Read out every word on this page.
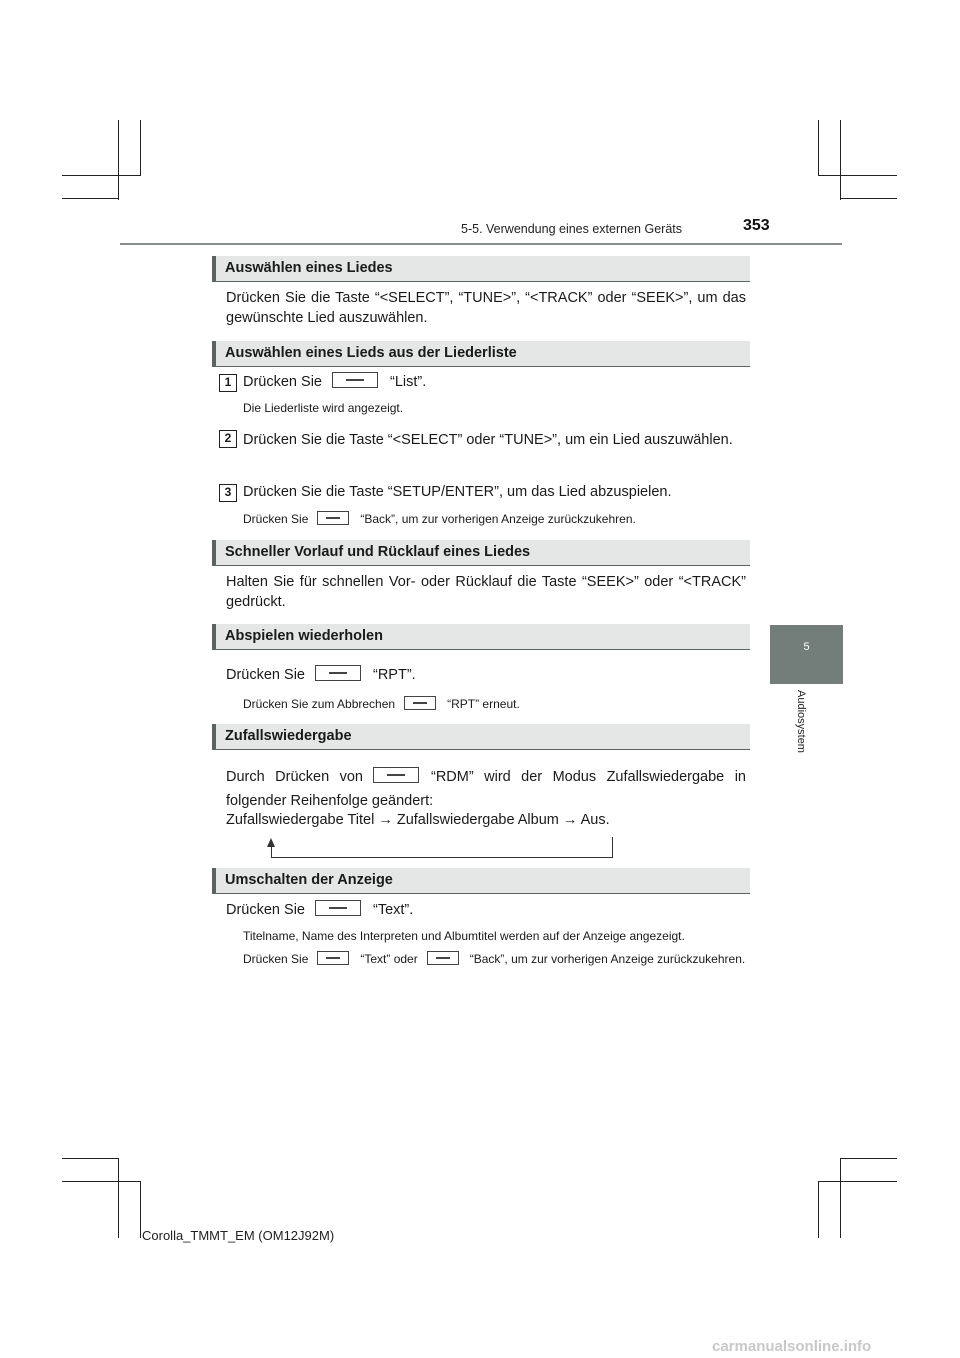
5-5. Verwendung eines externen Geräts	353
5
Audiosystem
Auswählen eines Liedes
Drücken Sie die Taste “<SELECT”, “TUNE>”, “<TRACK” oder “SEEK>”, um das gewünschte Lied auszuwählen.
Auswählen eines Lieds aus der Liederliste
1 Drücken Sie	“List”.
Die Liederliste wird angezeigt.
2 Drücken Sie die Taste “<SELECT” oder “TUNE>”, um ein Lied auszuwählen.
3 Drücken Sie die Taste “SETUP/ENTER”, um das Lied abzuspielen.
Drücken Sie	“Back”, um zur vorherigen Anzeige zurückzukehren.
Schneller Vorlauf und Rücklauf eines Liedes
Halten Sie für schnellen Vor- oder Rücklauf die Taste “SEEK>” oder “<TRACK” gedrückt.
Abspielen wiederholen
Drücken Sie	“RPT”.
Drücken Sie zum Abbrechen	“RPT” erneut.
Zufallswiedergabe
Durch Drücken von	“RDM” wird der Modus Zufallswiedergabe in folgender Reihenfolge geändert:
Zufallswiedergabe Titel → Zufallswiedergabe Album → Aus.
Umschalten der Anzeige
Drücken Sie	“Text”.
Titelname, Name des Interpreten und Albumtitel werden auf der Anzeige angezeigt.
Drücken Sie	“Text” oder	“Back”, um zur vorherigen Anzeige zurückzukehren.
Corolla_TMMT_EM (OM12J92M)
carmanualsonline.info
